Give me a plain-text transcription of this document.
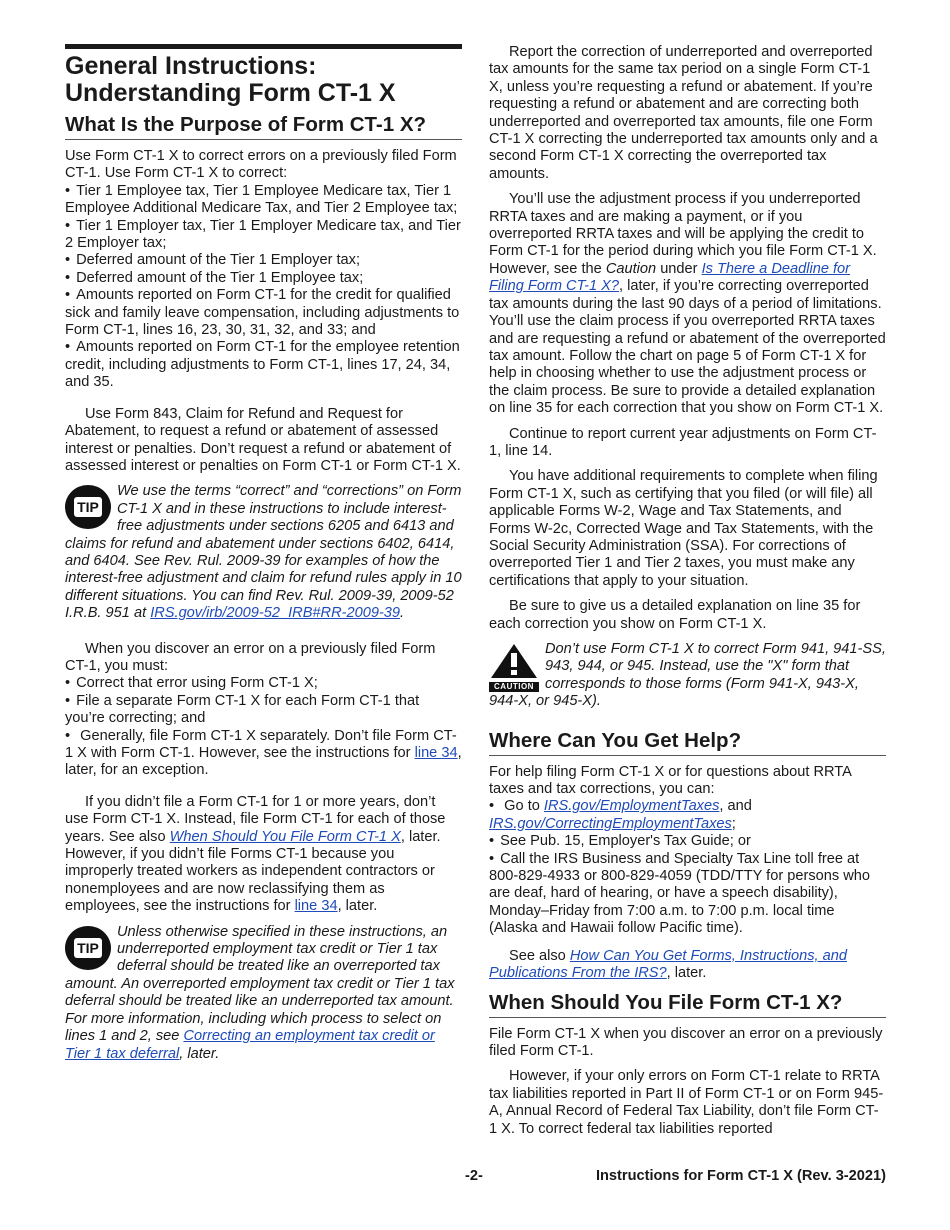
General Instructions:
Understanding Form CT-1 X
What Is the Purpose of Form CT-1 X?
Use Form CT-1 X to correct errors on a previously filed Form CT-1. Use Form CT-1 X to correct:
• Tier 1 Employee tax, Tier 1 Employee Medicare tax, Tier 1 Employee Additional Medicare Tax, and Tier 2 Employee tax;
• Tier 1 Employer tax, Tier 1 Employer Medicare tax, and Tier 2 Employer tax;
• Deferred amount of the Tier 1 Employer tax;
• Deferred amount of the Tier 1 Employee tax;
• Amounts reported on Form CT-1 for the credit for qualified sick and family leave compensation, including adjustments to Form CT-1, lines 16, 23, 30, 31, 32, and 33; and
• Amounts reported on Form CT-1 for the employee retention credit, including adjustments to Form CT-1, lines 17, 24, 34, and 35.

Use Form 843, Claim for Refund and Request for Abatement, to request a refund or abatement of assessed interest or penalties. Don’t request a refund or abatement of assessed interest or penalties on Form CT-1 or Form CT-1 X.

TIP
We use the terms “correct” and “corrections” on Form CT-1 X and in these instructions to include interest-free adjustments under sections 6205 and 6413 and claims for refund and abatement under sections 6402, 6414, and 6404. See Rev. Rul. 2009-39 for examples of how the interest-free adjustment and claim for refund rules apply in 10 different situations. You can find Rev. Rul. 2009-39, 2009-52 I.R.B. 951 at IRS.gov/irb/2009-52_IRB#RR-2009-39.

When you discover an error on a previously filed Form CT-1, you must:

• Correct that error using Form CT-1 X;
• File a separate Form CT-1 X for each Form CT-1 that you’re correcting; and
• Generally, file Form CT-1 X separately. Don’t file Form CT-1 X with Form CT-1. However, see the instructions for line 34, later, for an exception.

If you didn’t file a Form CT-1 for 1 or more years, don’t use Form CT-1 X. Instead, file Form CT-1 for each of those years. See also When Should You File Form CT-1 X, later. However, if you didn’t file Forms CT-1 because you improperly treated workers as independent contractors or nonemployees and are now reclassifying them as employees, see the instructions for line 34, later.

TIP
Unless otherwise specified in these instructions, an underreported employment tax credit or Tier 1 tax deferral should be treated like an overreported tax amount. An overreported employment tax credit or Tier 1 tax deferral should be treated like an underreported tax amount. For more information, including which process to select on lines 1 and 2, see Correcting an employment tax credit or Tier 1 tax deferral, later.

Report the correction of underreported and overreported tax amounts for the same tax period on a single Form CT-1 X, unless you’re requesting a refund or abatement. If you’re requesting a refund or abatement and are correcting both underreported and overreported tax amounts, file one Form CT-1 X correcting the underreported tax amounts only and a second Form CT-1 X correcting the overreported tax amounts.

You’ll use the adjustment process if you underreported RRTA taxes and are making a payment, or if you overreported RRTA taxes and will be applying the credit to Form CT-1 for the period during which you file Form CT-1 X. However, see the Caution under Is There a Deadline for Filing Form CT-1 X?, later, if you’re correcting overreported tax amounts during the last 90 days of a period of limitations. You’ll use the claim process if you overreported RRTA taxes and are requesting a refund or abatement of the overreported tax amount. Follow the chart on page 5 of Form CT-1 X for help in choosing whether to use the adjustment process or the claim process. Be sure to provide a detailed explanation on line 35 for each correction that you show on Form CT-1 X.

Continue to report current year adjustments on Form CT-1, line 14.

You have additional requirements to complete when filing Form CT-1 X, such as certifying that you filed (or will file) all applicable Forms W-2, Wage and Tax Statements, and Forms W-2c, Corrected Wage and Tax Statements, with the Social Security Administration (SSA). For corrections of overreported Tier 1 and Tier 2 taxes, you must make any certifications that apply to your situation.

Be sure to give us a detailed explanation on line 35 for each correction you show on Form CT-1 X.

CAUTION
Don’t use Form CT-1 X to correct Form 941, 941-SS, 943, 944, or 945. Instead, use the "X" form that corresponds to those forms (Form 941-X, 943-X, 944-X, or 945-X).
Where Can You Get Help?
For help filing Form CT-1 X or for questions about RRTA taxes and tax corrections, you can:
• Go to IRS.gov/EmploymentTaxes, and IRS.gov/CorrectingEmploymentTaxes;
• See Pub. 15, Employer's Tax Guide; or
• Call the IRS Business and Specialty Tax Line toll free at 800-829-4933 or 800-829-4059 (TDD/TTY for persons who are deaf, hard of hearing, or have a speech disability), Monday–Friday from 7:00 a.m. to 7:00 p.m. local time (Alaska and Hawaii follow Pacific time).

See also How Can You Get Forms, Instructions, and Publications From the IRS?, later.

When Should You File Form CT-1 X?

File Form CT-1 X when you discover an error on a previously filed Form CT-1.

However, if your only errors on Form CT-1 relate to RRTA tax liabilities reported in Part II of Form CT-1 or on Form 945-A, Annual Record of Federal Tax Liability, don’t file Form CT-1 X. To correct federal tax liabilities reported

-2-	Instructions for Form CT-1 X (Rev. 3-2021)
